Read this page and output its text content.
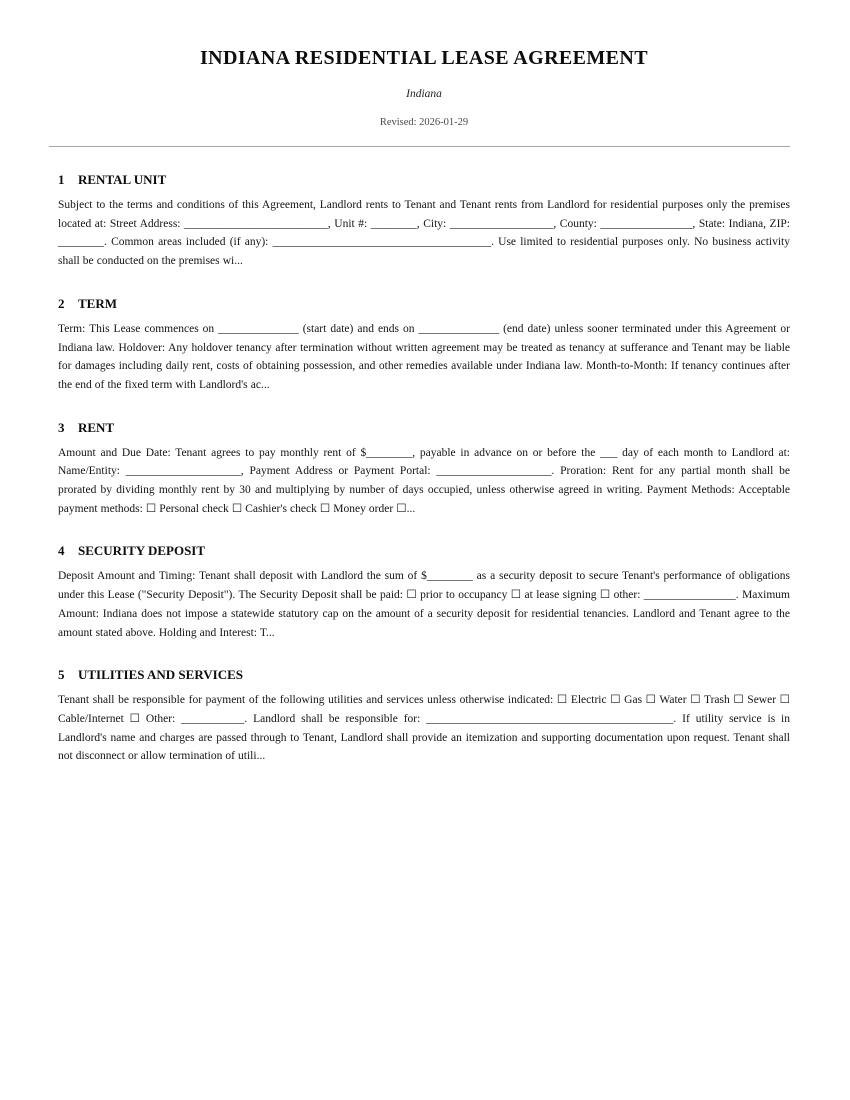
INDIANA RESIDENTIAL LEASE AGREEMENT
Indiana
Revised: 2026-01-29
1 RENTAL UNIT

Subject to the terms and conditions of this Agreement, Landlord rents to Tenant and Tenant rents from Landlord for residential purposes only the premises located at: Street Address: _________________________, Unit #: ________, City: __________________, County: ________________, State: Indiana, ZIP: ________. Common areas included (if any): ______________________________________. Use limited to residential purposes only. No business activity shall be conducted on the premises wi...

2 TERM

Term: This Lease commences on ______________ (start date) and ends on ______________ (end date) unless sooner terminated under this Agreement or Indiana law. Holdover: Any holdover tenancy after termination without written agreement may be treated as tenancy at sufferance and Tenant may be liable for damages including daily rent, costs of obtaining possession, and other remedies available under Indiana law. Month-to-Month: If tenancy continues after the end of the fixed term with Landlord's ac...

3 RENT

Amount and Due Date: Tenant agrees to pay monthly rent of $________, payable in advance on or before the ___ day of each month to Landlord at: Name/Entity: ____________________, Payment Address or Payment Portal: ____________________. Proration: Rent for any partial month shall be prorated by dividing monthly rent by 30 and multiplying by number of days occupied, unless otherwise agreed in writing. Payment Methods: Acceptable payment methods: ☐ Personal check ☐ Cashier's check ☐ Money order ☐...

4 SECURITY DEPOSIT

Deposit Amount and Timing: Tenant shall deposit with Landlord the sum of $________ as a security deposit to secure Tenant's performance of obligations under this Lease ("Security Deposit"). The Security Deposit shall be paid: ☐ prior to occupancy ☐ at lease signing ☐ other: ________________. Maximum Amount: Indiana does not impose a statewide statutory cap on the amount of a security deposit for residential tenancies. Landlord and Tenant agree to the amount stated above. Holding and Interest: T...

5 UTILITIES AND SERVICES

Tenant shall be responsible for payment of the following utilities and services unless otherwise indicated: ☐ Electric ☐ Gas ☐ Water ☐ Trash ☐ Sewer ☐ Cable/Internet ☐ Other: ___________. Landlord shall be responsible for: ___________________________________________. If utility service is in Landlord's name and charges are passed through to Tenant, Landlord shall provide an itemization and supporting documentation upon request. Tenant shall not disconnect or allow termination of utili...
